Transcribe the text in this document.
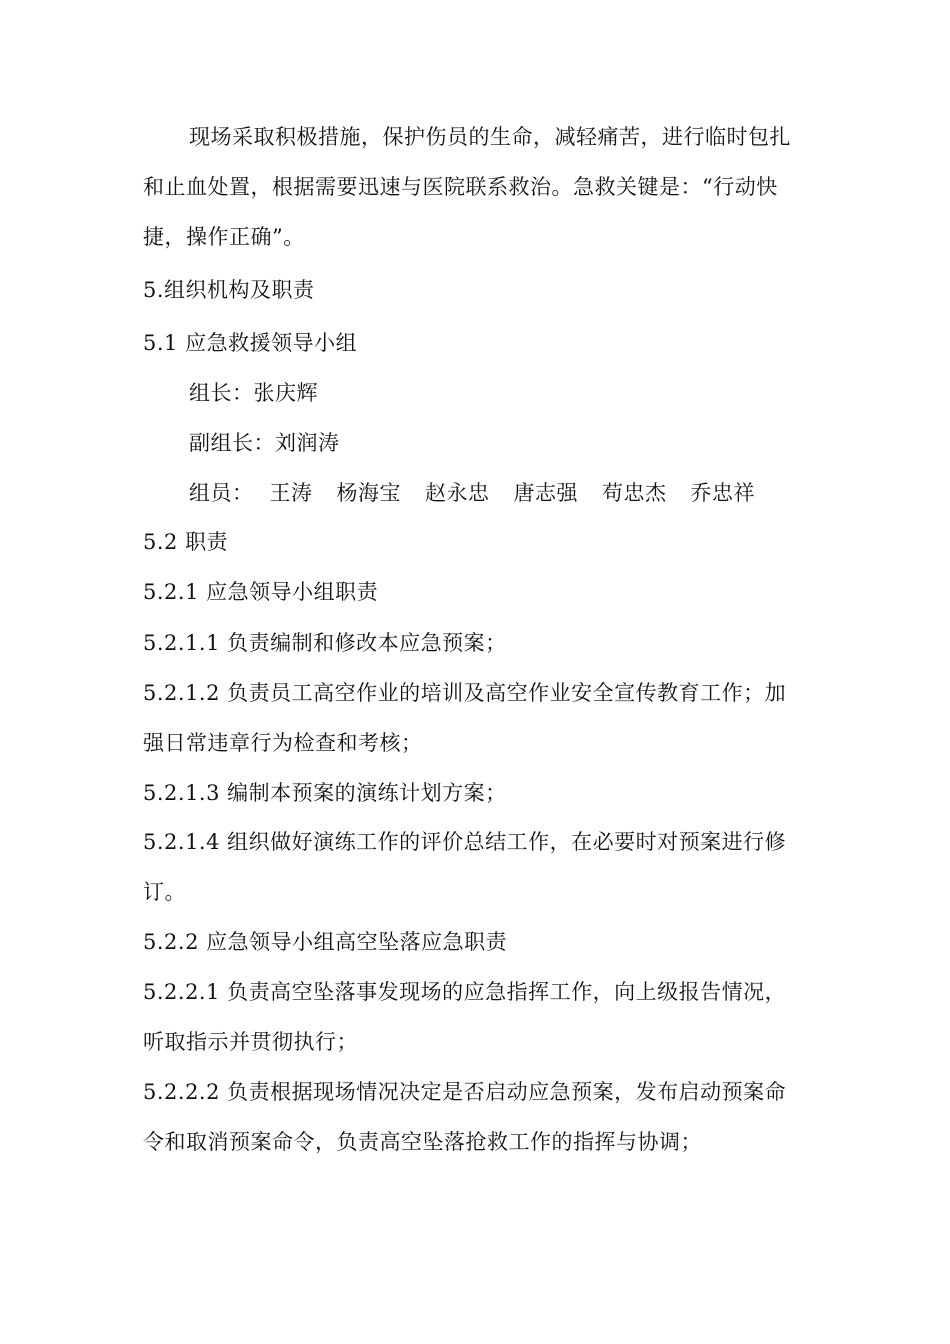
现场采取积极措施，保护伤员的生命，减轻痛苦，进行临时包扎
和止血处置，根据需要迅速与医院联系救治。急救关键是：“行动快
捷，操作正确”。
5.组织机构及职责
5.1 应急救援领导小组
组长：张庆辉
副组长：刘润涛
组员： 王涛 杨海宝 赵永忠 唐志强 苟忠杰 乔忠祥
5.2 职责
5.2.1 应急领导小组职责
5.2.1.1 负责编制和修改本应急预案；
5.2.1.2 负责员工高空作业的培训及高空作业安全宣传教育工作；加
强日常违章行为检查和考核；
5.2.1.3 编制本预案的演练计划方案；
5.2.1.4 组织做好演练工作的评价总结工作，在必要时对预案进行修
订。
5.2.2 应急领导小组高空坠落应急职责
5.2.2.1 负责高空坠落事发现场的应急指挥工作，向上级报告情况，
听取指示并贯彻执行；
5.2.2.2 负责根据现场情况决定是否启动应急预案，发布启动预案命
令和取消预案命令，负责高空坠落抢救工作的指挥与协调；
